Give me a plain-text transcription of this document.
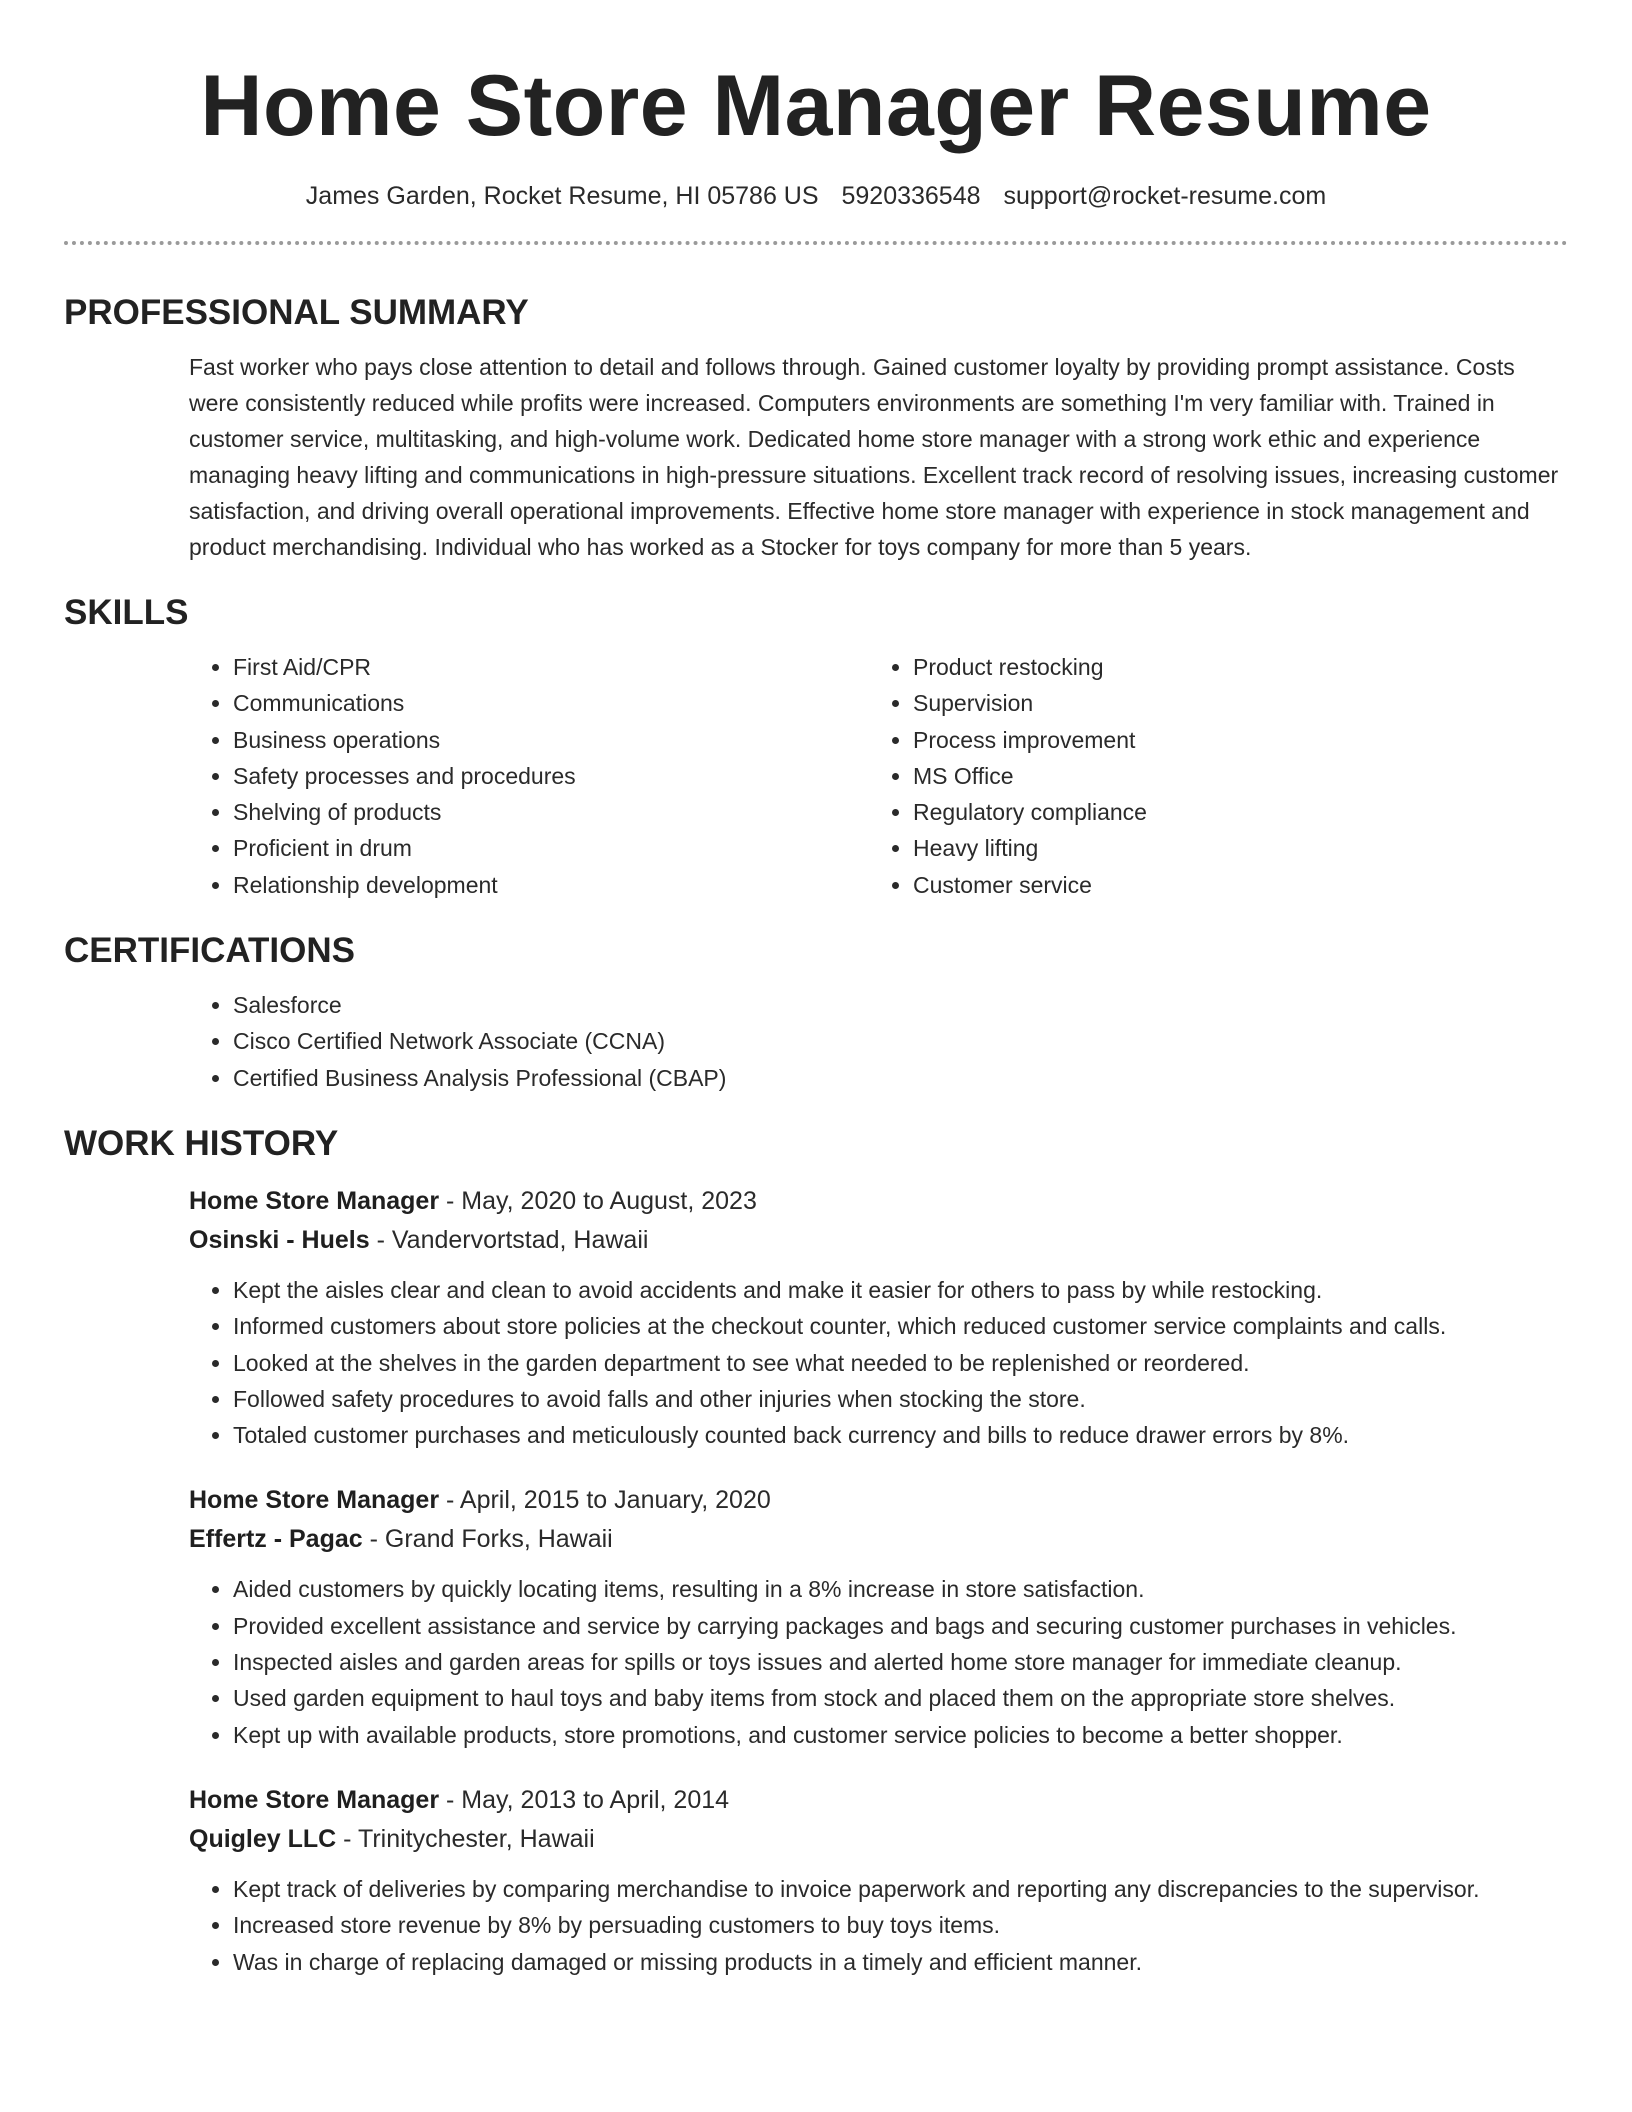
Home Store Manager Resume
James Garden, Rocket Resume, HI 05786 US 5920336548 support@rocket-resume.com
PROFESSIONAL SUMMARY
Fast worker who pays close attention to detail and follows through. Gained customer loyalty by providing prompt assistance. Costs were consistently reduced while profits were increased. Computers environments are something I'm very familiar with. Trained in customer service, multitasking, and high-volume work. Dedicated home store manager with a strong work ethic and experience managing heavy lifting and communications in high-pressure situations. Excellent track record of resolving issues, increasing customer satisfaction, and driving overall operational improvements. Effective home store manager with experience in stock management and product merchandising. Individual who has worked as a Stocker for toys company for more than 5 years.
SKILLS
• First Aid/CPR
• Communications
• Business operations
• Safety processes and procedures
• Shelving of products
• Proficient in drum
• Relationship development
• Product restocking
• Supervision
• Process improvement
• MS Office
• Regulatory compliance
• Heavy lifting
• Customer service
CERTIFICATIONS
• Salesforce
• Cisco Certified Network Associate (CCNA)
• Certified Business Analysis Professional (CBAP)
WORK HISTORY
Home Store Manager - May, 2020 to August, 2023
Osinski - Huels - Vandervortstad, Hawaii
• Kept the aisles clear and clean to avoid accidents and make it easier for others to pass by while restocking.
• Informed customers about store policies at the checkout counter, which reduced customer service complaints and calls.
• Looked at the shelves in the garden department to see what needed to be replenished or reordered.
• Followed safety procedures to avoid falls and other injuries when stocking the store.
• Totaled customer purchases and meticulously counted back currency and bills to reduce drawer errors by 8%.
Home Store Manager - April, 2015 to January, 2020
Effertz - Pagac - Grand Forks, Hawaii
• Aided customers by quickly locating items, resulting in a 8% increase in store satisfaction.
• Provided excellent assistance and service by carrying packages and bags and securing customer purchases in vehicles.
• Inspected aisles and garden areas for spills or toys issues and alerted home store manager for immediate cleanup.
• Used garden equipment to haul toys and baby items from stock and placed them on the appropriate store shelves.
• Kept up with available products, store promotions, and customer service policies to become a better shopper.
Home Store Manager - May, 2013 to April, 2014
Quigley LLC - Trinitychester, Hawaii
• Kept track of deliveries by comparing merchandise to invoice paperwork and reporting any discrepancies to the supervisor.
• Increased store revenue by 8% by persuading customers to buy toys items.
• Was in charge of replacing damaged or missing products in a timely and efficient manner.
